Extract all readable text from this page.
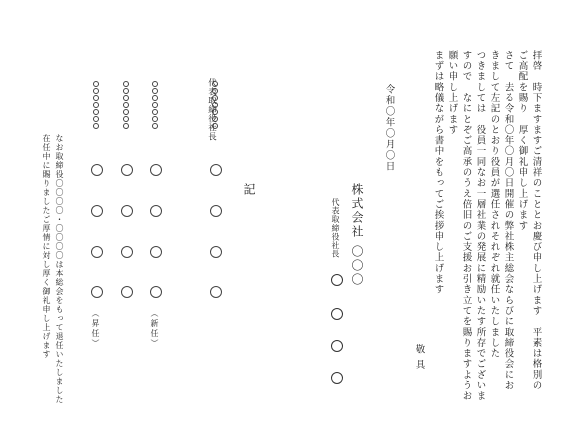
拝啓　時下ますますご清祥のこととお慶び申し上げます　平素は格別の

ご高配を賜り　厚く御礼申し上げます

さて　去る令和〇年〇月〇日開催の弊社株主総会ならびに取締役会にお

きまして左記のとおり役員が選任されそれぞれ就任いたしました

つきましては　役員一同なお一層社業の発展に精励いたす所存でございま

すので　なにとぞご高承のうえ倍旧のご支援お引き立てを賜りますようお

願い申し上げます

まずは略儀ながら書中をもってご挨拶申し上げます

敬具

令和〇年〇月〇日

株式会社 〇〇〇

代表取締役社長

記

代表取締役社長

（新任）

（昇任）

なお取締役〇〇〇〇・〇〇〇〇は本総会をもって退任いたしました

在任中に賜りましたご厚情に対し厚く御礼申し上げます
